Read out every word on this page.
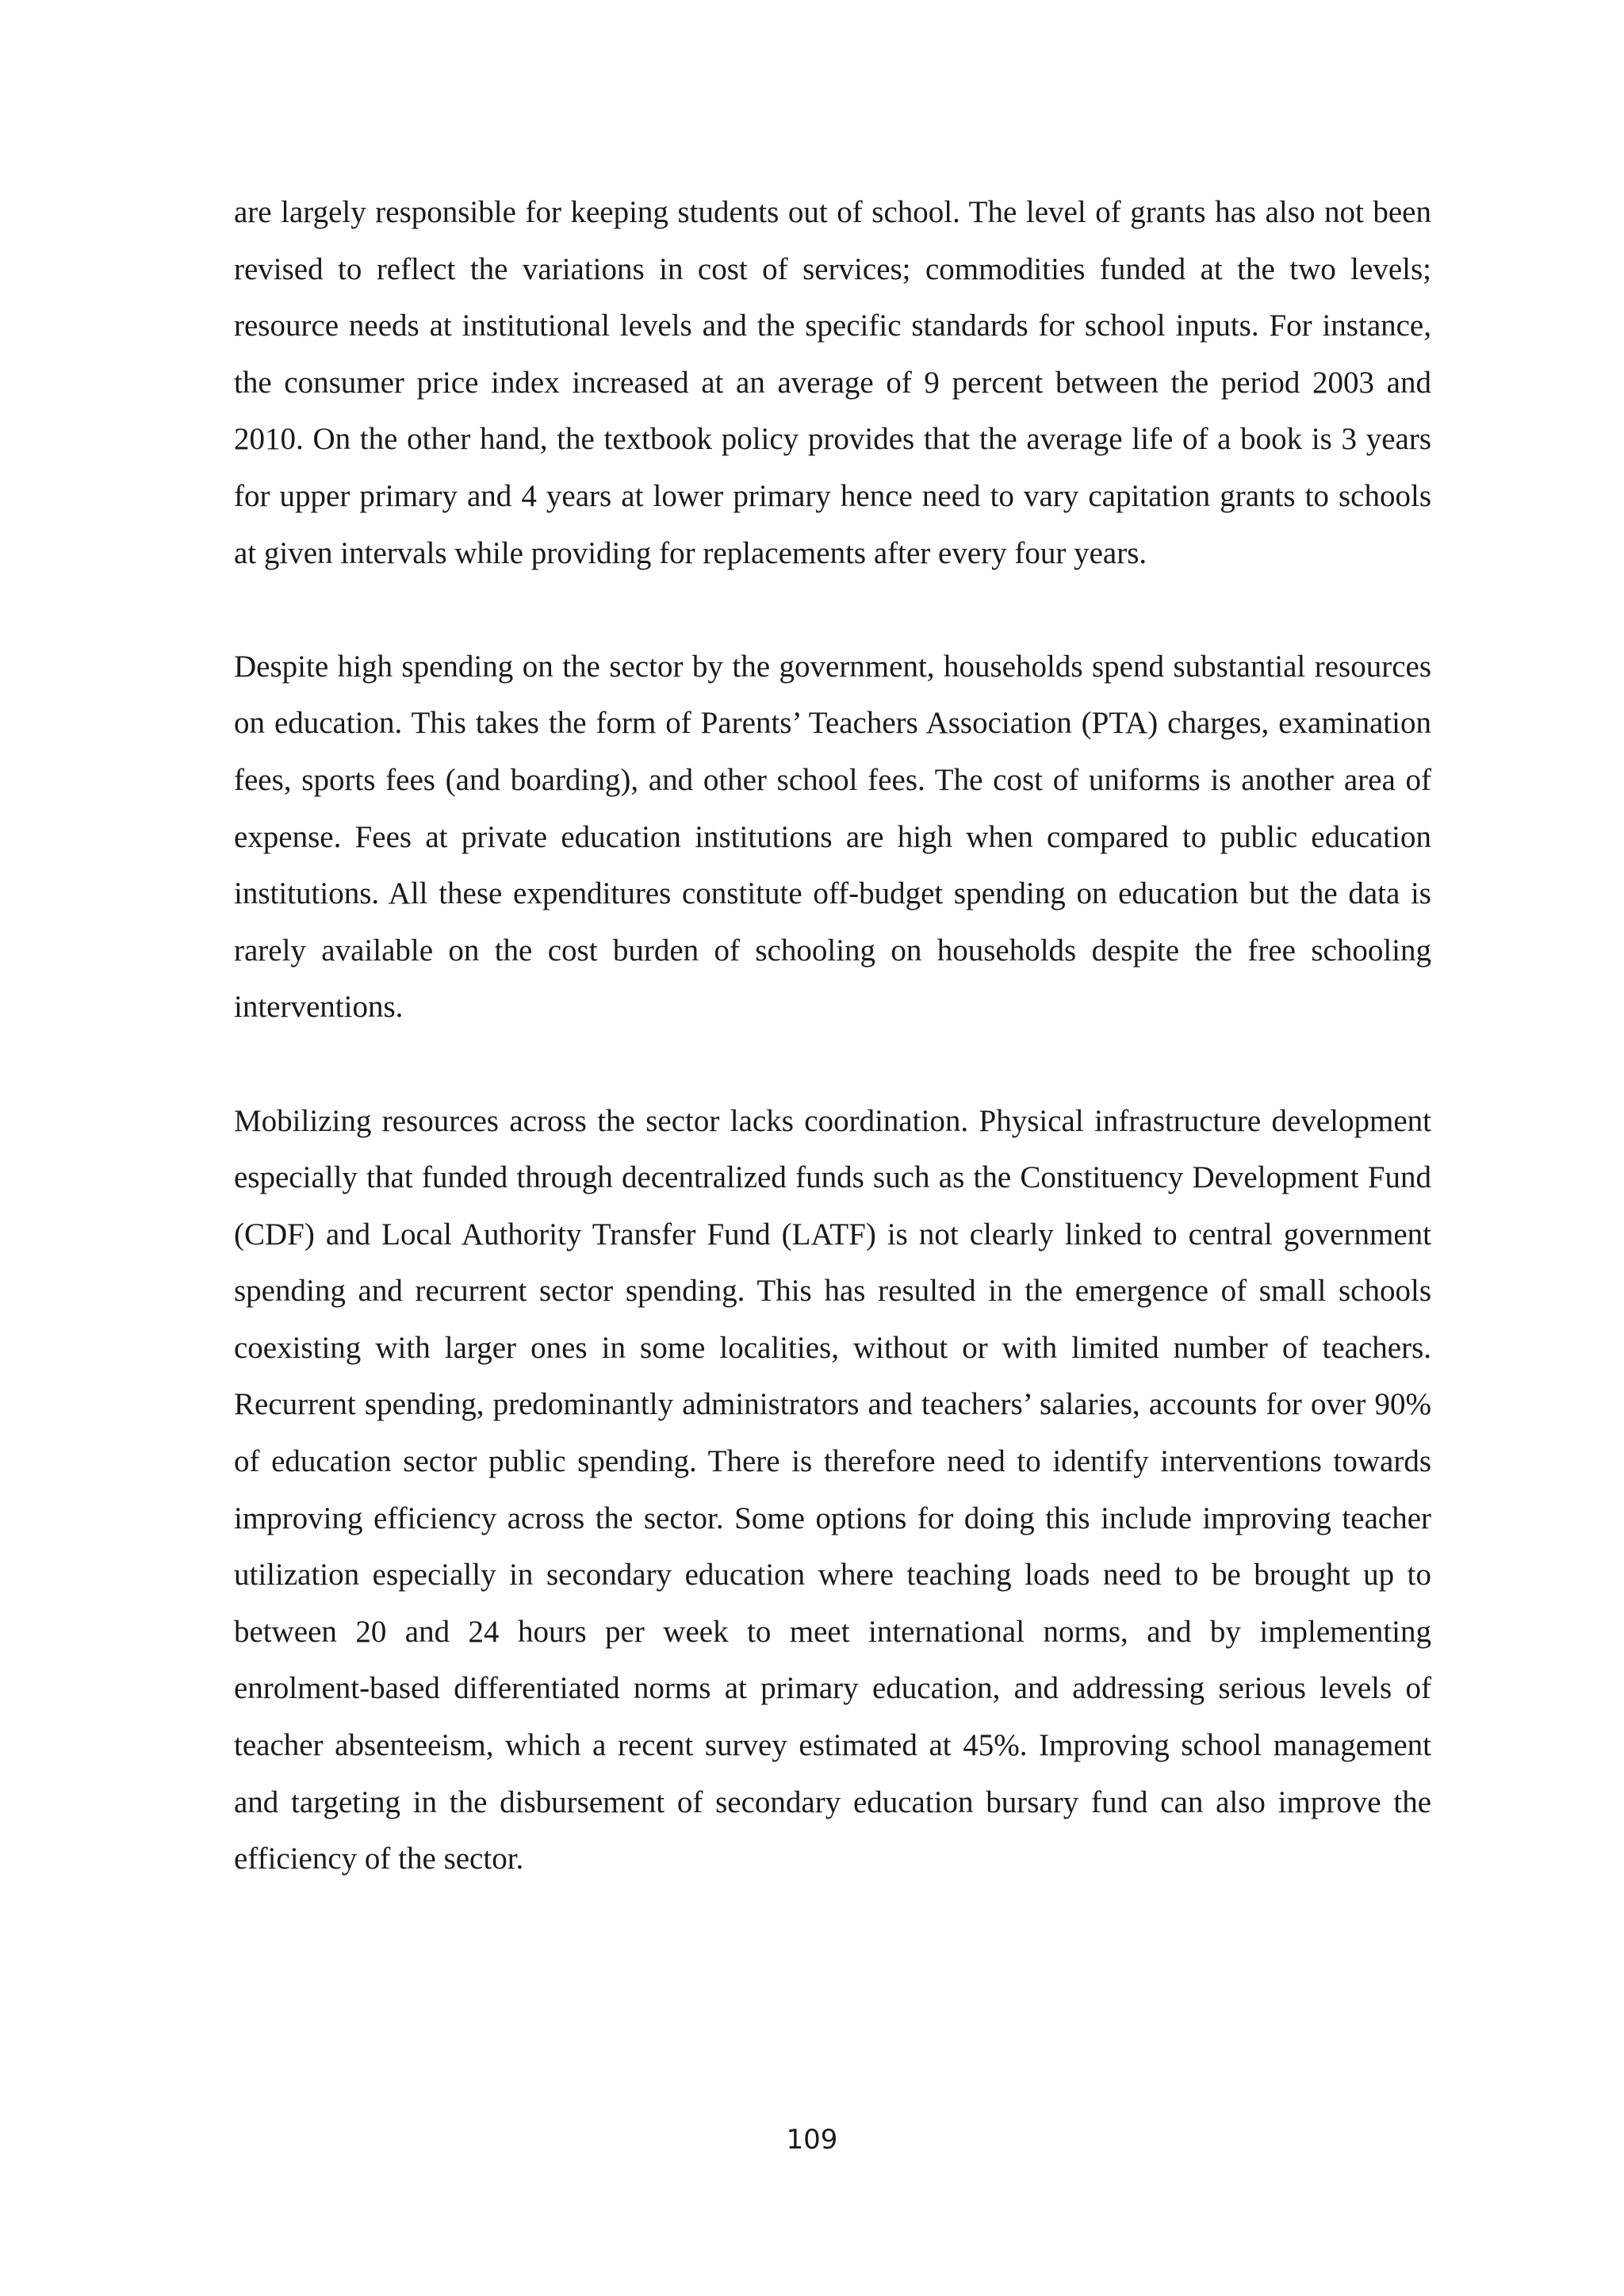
are largely responsible for keeping students out of school. The level of grants has also not been revised to reflect the variations in cost of services; commodities funded at the two levels; resource needs at institutional levels and the specific standards for school inputs. For instance, the consumer price index increased at an average of 9 percent between the period 2003 and 2010. On the other hand, the textbook policy provides that the average life of a book is 3 years for upper primary and 4 years at lower primary hence need to vary capitation grants to schools at given intervals while providing for replacements after every four years.

Despite high spending on the sector by the government, households spend substantial resources on education. This takes the form of Parents’ Teachers Association (PTA) charges, examination fees, sports fees (and boarding), and other school fees. The cost of uniforms is another area of expense. Fees at private education institutions are high when compared to public education institutions. All these expenditures constitute off-budget spending on education but the data is rarely available on the cost burden of schooling on households despite the free schooling interventions.

Mobilizing resources across the sector lacks coordination. Physical infrastructure development especially that funded through decentralized funds such as the Constituency Development Fund (CDF) and Local Authority Transfer Fund (LATF) is not clearly linked to central government spending and recurrent sector spending. This has resulted in the emergence of small schools coexisting with larger ones in some localities, without or with limited number of teachers. Recurrent spending, predominantly administrators and teachers’ salaries, accounts for over 90% of education sector public spending. There is therefore need to identify interventions towards improving efficiency across the sector. Some options for doing this include improving teacher utilization especially in secondary education where teaching loads need to be brought up to between 20 and 24 hours per week to meet international norms, and by implementing enrolment-based differentiated norms at primary education, and addressing serious levels of teacher absenteeism, which a recent survey estimated at 45%. Improving school management and targeting in the disbursement of secondary education bursary fund can also improve the efficiency of the sector.

109
